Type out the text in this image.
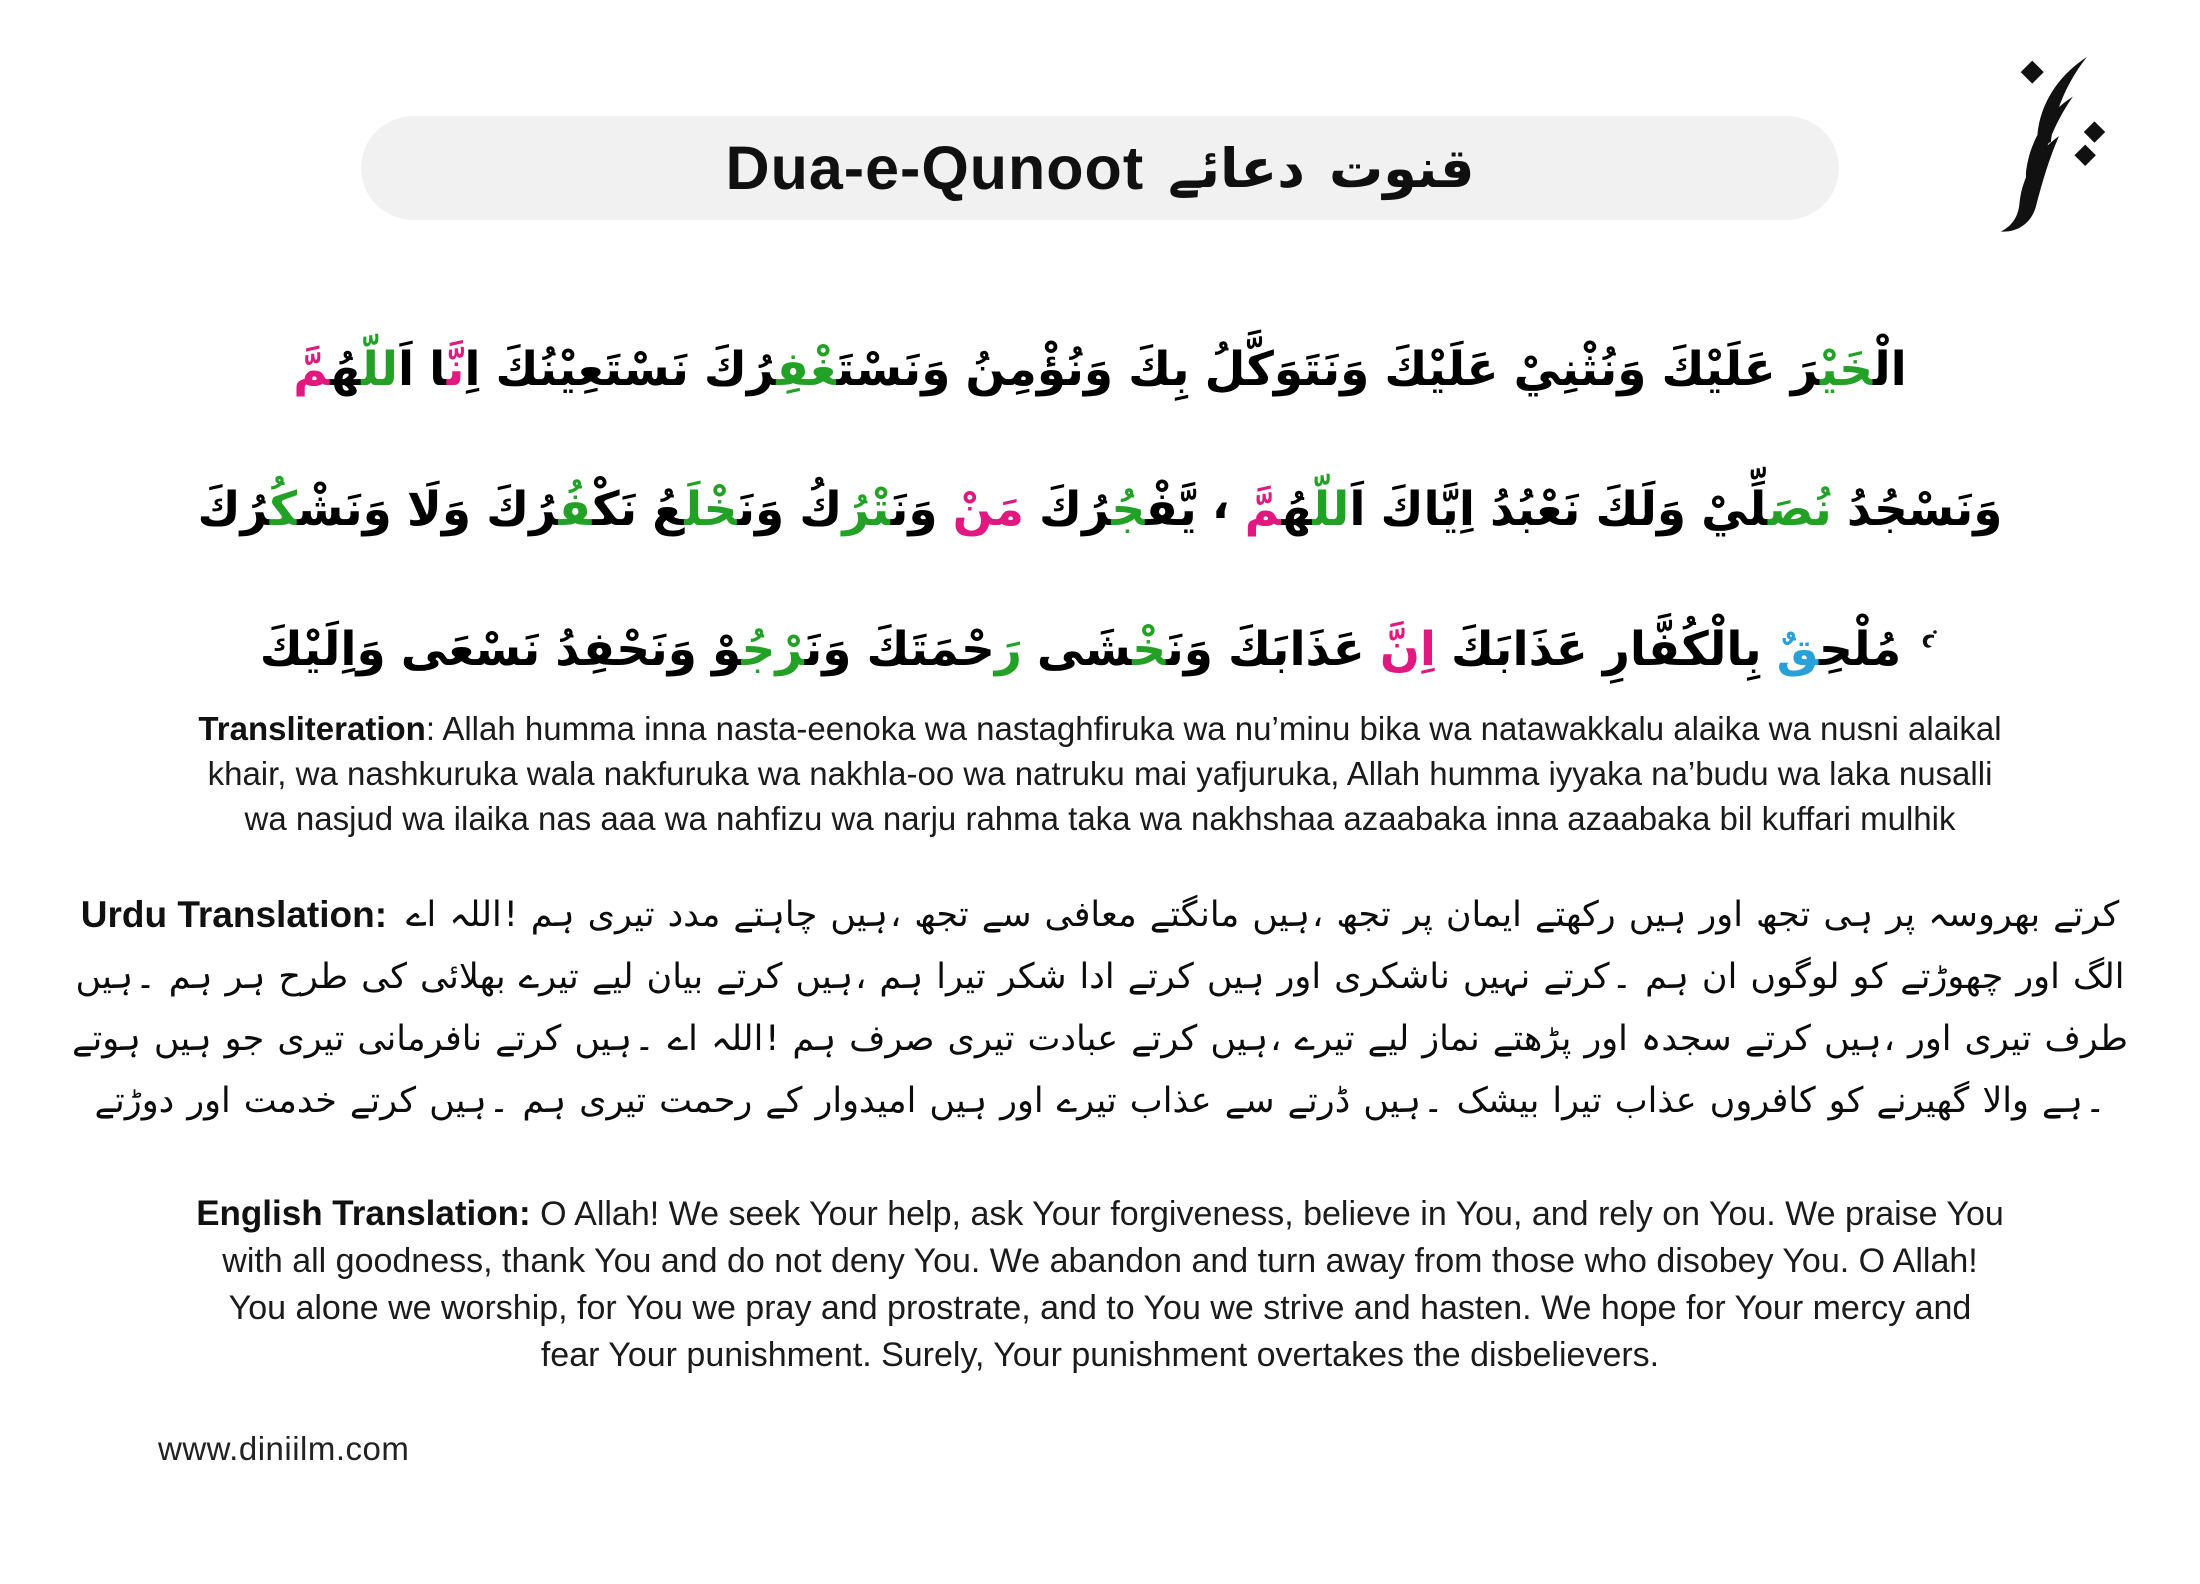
Dua-e-Qunoot دعائے قنوت
اَللّهُمَّ	اِنَّا	نَسْتَعِيْنُكَ	وَنَسْتَغْفِرُكَ	وَنُؤْمِنُ بِكَ وَنَتَوَكَّلُ عَلَيْكَ وَنُثْنِيْ عَلَيْكَ	الْخَيْرَ
وَنَشْكُرُكَ	وَلَا	نَكْفُرُكَ	وَنَخْلَعُ	وَنَتْرُكُ	مَنْ	يَّفْجُرُكَ	،	اَللّهُمَّ	اِيَّاكَ نَعْبُدُ وَلَكَ	نُصَلِّيْ	وَنَسْجُدُ
وَاِلَيْكَ نَسْعَى وَنَحْفِدُ	وَنَرْجُوْ	رَحْمَتَكَ	وَنَخْشَى	عَذَابَكَ اِنَّ عَذَابَكَ بِالْكُفَّارِ	مُلْحِقٌ
Transliteration: Allah humma inna nasta-eenoka wa nastaghfiruka wa nu’minu bika wa natawakkalu alaika wa nusni alaikal
khair, wa nashkuruka wala nakfuruka wa nakhla-oo wa natruku mai yafjuruka, Allah humma iyyaka na’budu wa laka nusalli
wa nasjud wa ilaika nas aaa wa nahfizu wa narju rahma taka wa nakhshaa azaabaka inna azaabaka bil kuffari mulhik
Urdu Translation: اے اللہ! ہم تیری مدد چاہتے ہیں، تجھ سے معافی مانگتے ہیں، تجھ پر ایمان رکھتے ہیں اور تجھ ہی پر بھروسہ کرتے
ہیں۔ ہم ہر طرح کی بھلائی تیرے لیے بیان کرتے ہیں، ہم تیرا شکر ادا کرتے ہیں اور ناشکری نہیں کرتے۔ ہم ان لوگوں کو چھوڑتے اور الگ
ہوتے ہیں جو تیری نافرمانی کرتے ہیں۔ اے اللہ! ہم صرف تیری عبادت کرتے ہیں، تیرے لیے نماز پڑھتے اور سجدہ کرتے ہیں، اور تیری طرف
دوڑتے اور خدمت کرتے ہیں۔ ہم تیری رحمت کے امیدوار ہیں اور تیرے عذاب سے ڈرتے ہیں۔ بیشک تیرا عذاب کافروں کو گھیرنے والا ہے۔
English Translation: O Allah! We seek Your help, ask Your forgiveness, believe in You, and rely on You. We praise You
with all goodness, thank You and do not deny You. We abandon and turn away from those who disobey You. O Allah!
You alone we worship, for You we pray and prostrate, and to You we strive and hasten. We hope for Your mercy and
fear Your punishment. Surely, Your punishment overtakes the disbelievers.
www.diniilm.com
